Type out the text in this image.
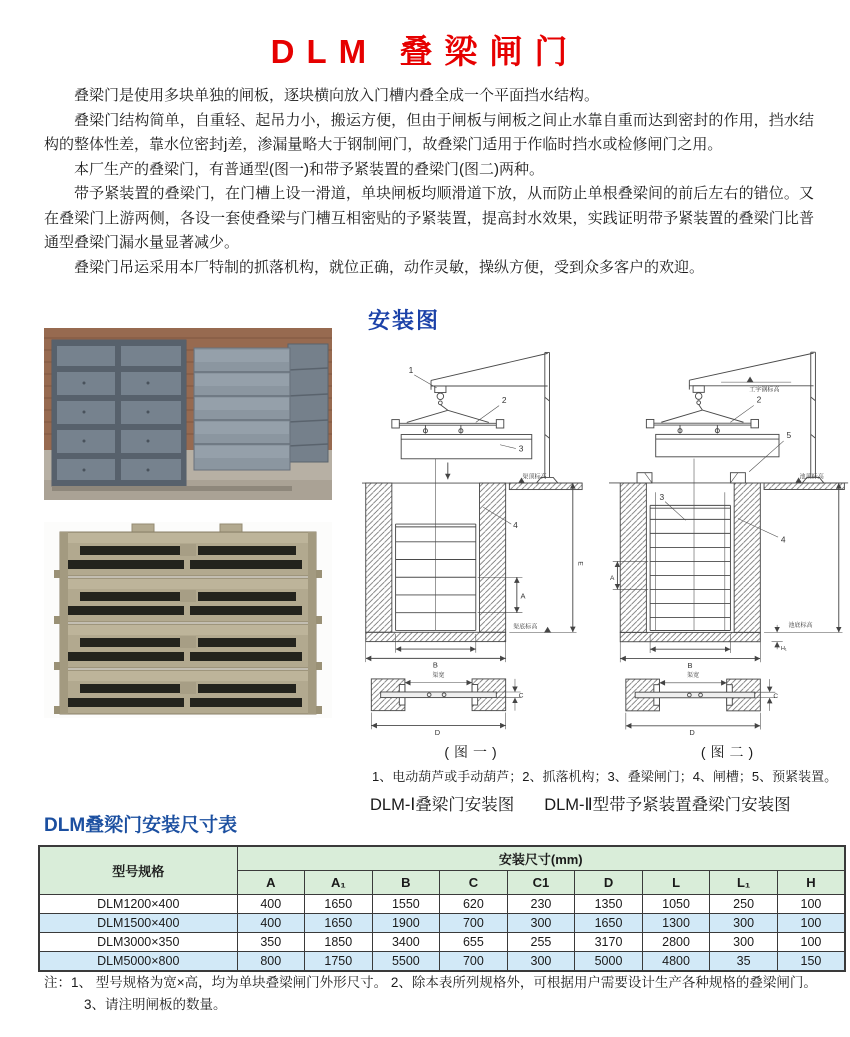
DLM 叠梁闸门

叠梁门是使用多块单独的闸板，逐块横向放入门槽内叠全成一个平面挡水结构。

叠梁门结构简单，自重轻、起吊力小，搬运方便，但由于闸板与闸板之间止水靠自重而达到密封的作用，挡水结构的整体性差，靠水位密封j差，渗漏量略大于钢制闸门，故叠梁门适用于作临时挡水或检修闸门之用。

本厂生产的叠梁门，有普通型(图一)和带予紧装置的叠梁门(图二)两种。

带予紧装置的叠梁门，在门槽上设一滑道，单块闸板均顺滑道下放，从而防止单根叠梁间的前后左右的错位。又在叠梁门上游两侧，各设一套使叠梁与门槽互相密贴的予紧装置，提高封水效果，实践证明带予紧装置的叠梁门比普通型叠梁门漏水量显著减少。

叠梁门吊运采用本厂特制的抓落机构，就位正确，动作灵敏，操纵方便，受到众多客户的欢迎。

安装图
1
2
3
4
A
B
E
渠顶标高
渠底标高
渠宽
C
D
(图一)
2
5
3
4
A
B
工字钢标高
池顶标高
池底标高
H₁
渠宽
C
D
(图二)
1、电动葫芦或手动葫芦；2、抓落机构；3、叠梁闸门；4、闸槽；5、预紧装置。
DLM-Ⅰ叠梁门安装图 DLM-Ⅱ型带予紧装置叠梁门安装图
DLM叠梁门安装尺寸表
型号规格	安装尺寸(mm)								
	A	A₁	B	C	C1	D	L	L₁	H
DLM1200×400	400	1650	1550	620	230	1350	1050	250	100
DLM1500×400	400	1650	1900	700	300	1650	1300	300	100
DLM3000×350	350	1850	3400	655	255	3170	2800	300	100
DLM5000×800	800	1750	5500	700	300	5000	4800	35	150

注：1、 型号规格为宽×高，均为单块叠梁闸门外形尺寸。 2、除本表所列规格外，可根据用户需要设计生产各种规格的叠梁闸门。

3、请注明闸板的数量。
